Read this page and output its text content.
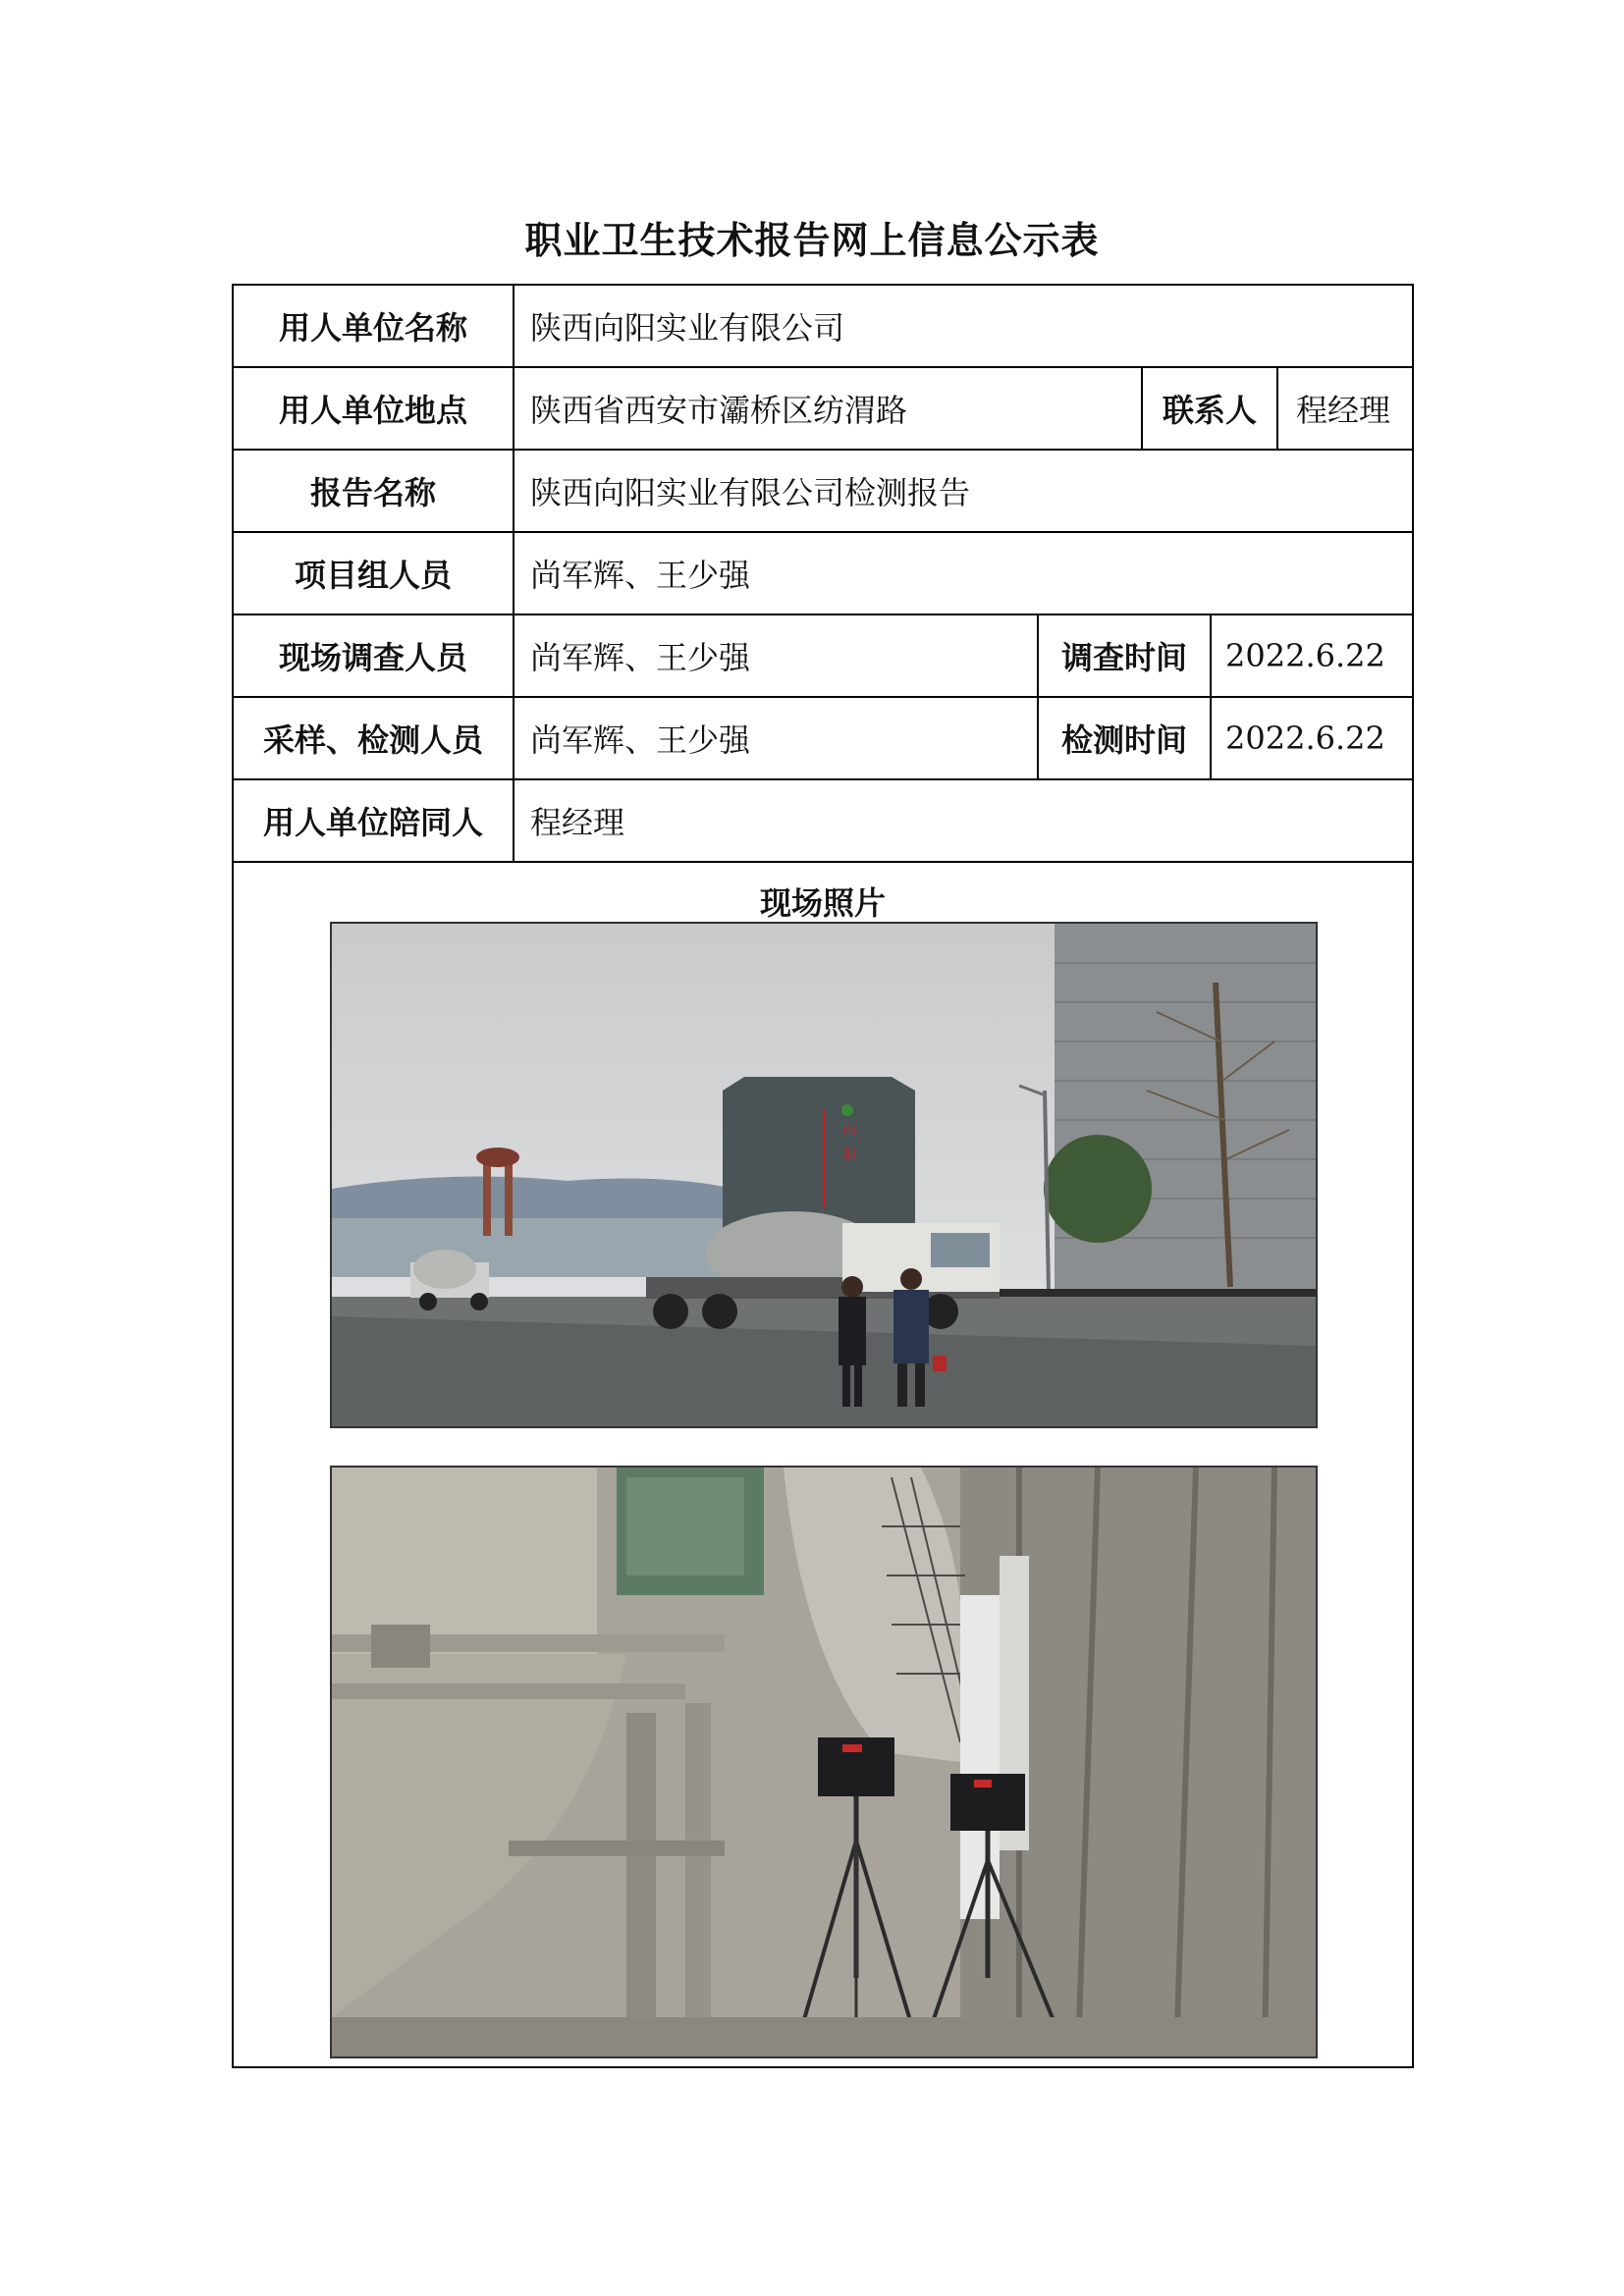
职业卫生技术报告网上信息公示表
用人单位名称	陕西向阳实业有限公司
用人单位地点	陕西省西安市灞桥区纺渭路	联系人	程经理
报告名称	陕西向阳实业有限公司检测报告
项目组人员	尚军辉、王少强
现场调查人员	尚军辉、王少强	调查时间	2022.6.22
采样、检测人员	尚军辉、王少强	检测时间	2022.6.22
用人单位陪同人	程经理
现场照片
向
阳
